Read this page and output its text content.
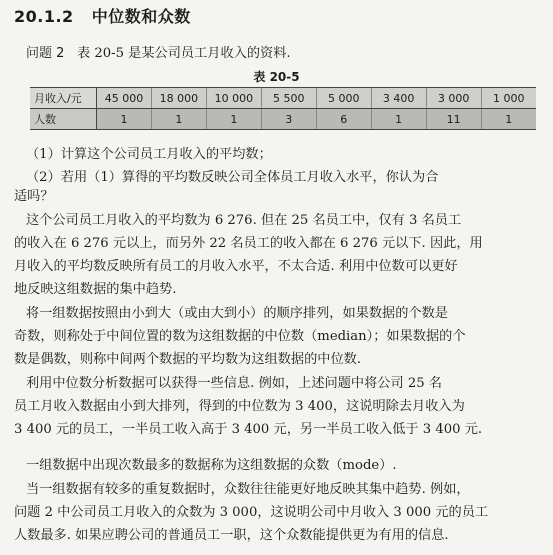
20.1.2 中位数和众数
问题 2 表 20-5 是某公司员工月收入的资料.
表 20-5
月收入/元	45 000	18 000	10 000	5 500	5 000	3 400	3 000	1 000
人数	1	1	1	3	6	1	11	1
（1）计算这个公司员工月收入的平均数；
（2）若用（1）算得的平均数反映公司全体员工月收入水平，你认为合
适吗？
这个公司员工月收入的平均数为 6 276. 但在 25 名员工中，仅有 3 名员工
的收入在 6 276 元以上，而另外 22 名员工的收入都在 6 276 元以下. 因此，用
月收入的平均数反映所有员工的月收入水平，不太合适. 利用中位数可以更好
地反映这组数据的集中趋势.
将一组数据按照由小到大（或由大到小）的顺序排列，如果数据的个数是
奇数，则称处于中间位置的数为这组数据的中位数（median）；如果数据的个
数是偶数，则称中间两个数据的平均数为这组数据的中位数.
利用中位数分析数据可以获得一些信息. 例如，上述问题中将公司 25 名
员工月收入数据由小到大排列，得到的中位数为 3 400，这说明除去月收入为
3 400 元的员工，一半员工收入高于 3 400 元，另一半员工收入低于 3 400 元.
一组数据中出现次数最多的数据称为这组数据的众数（mode）.
当一组数据有较多的重复数据时，众数往往能更好地反映其集中趋势. 例如，
问题 2 中公司员工月收入的众数为 3 000，这说明公司中月收入 3 000 元的员工
人数最多. 如果应聘公司的普通员工一职，这个众数能提供更为有用的信息.
